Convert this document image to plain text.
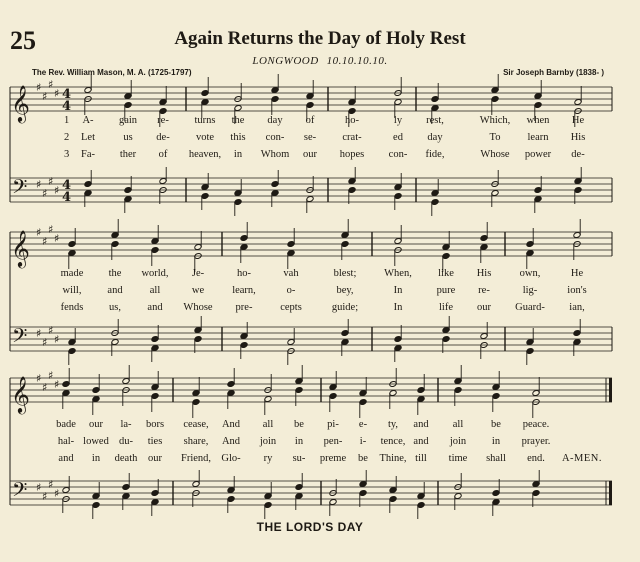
25	Again Returns the Day of Holy Rest
LONGWOOD 10.10.10.10.
The Rev. William Mason, M. A. (1725-1797)	Sir Joseph Barnby (1838- )
𝄞 ♯
♯
♯
♯ 4
4
𝄢 ♯
♯
♯
♯ 4
4
𝄞 ♯
♯
♯
♯
𝄢 ♯
♯
♯
♯
𝄞 ♯
♯
♯
♯
𝄢 ♯
♯
♯
♯
1 A- gain re- turns the day of	ho-	ly rest,	Which, when He
2 Let	us de-	vote this con- se-	crat-	ed day	To	learn His
3 Fa- ther of heaven, in Whom our hopes con- fide,	Whose power de-
made the world, Je-	ho-	vah	blest;	When,	like His	own,	He
will, and	all	we	learn,	o-	bey,	In	pure re-	lig-	ion's
fends us,	and Whose pre-	cepts	guide;	In	life our Guard- ian,
bade our la- bors cease, And all be pi- e- ty, and all	be peace.
hal- lowed du- ties share, And join in pen- i- tence, and join in prayer.
and in death our Friend, Glo- ry su- preme be Thine, till time shall end. A-MEN.
THE LORD'S DAY
